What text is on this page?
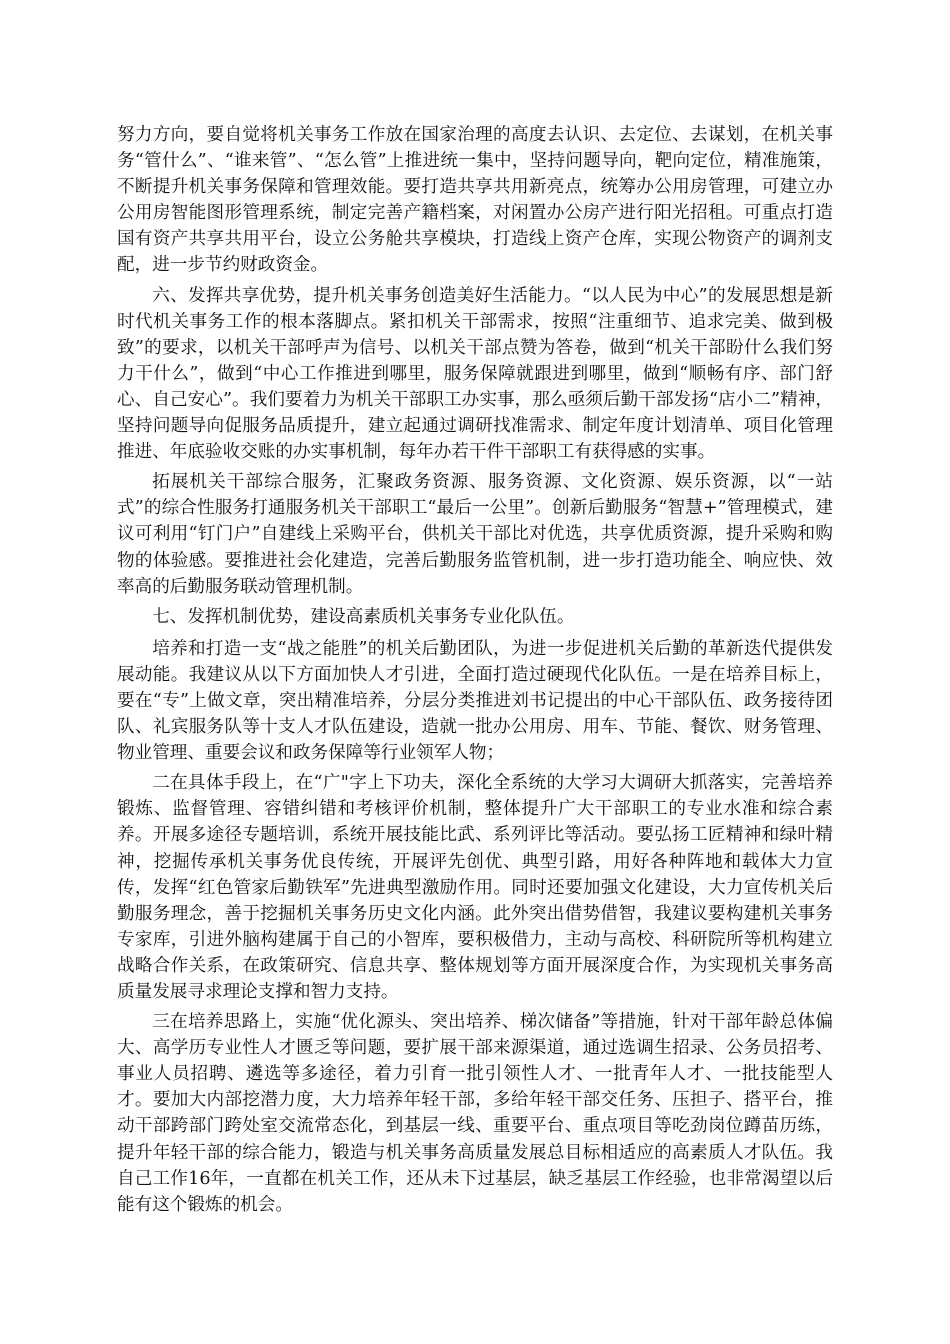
努力方向，要自觉将机关事务工作放在国家治理的高度去认识、去定位、去谋划，在机关事务“管什么”、“谁来管”、“怎么管”上推进统一集中，坚持问题导向，靶向定位，精准施策，不断提升机关事务保障和管理效能。要打造共享共用新亮点，统筹办公用房管理，可建立办公用房智能图形管理系统，制定完善产籍档案，对闲置办公房产进行阳光招租。可重点打造国有资产共享共用平台，设立公务舱共享模块，打造线上资产仓库，实现公物资产的调剂支配，进一步节约财政资金。

六、发挥共享优势，提升机关事务创造美好生活能力。“以人民为中心”的发展思想是新时代机关事务工作的根本落脚点。紧扣机关干部需求，按照“注重细节、追求完美、做到极致”的要求，以机关干部呼声为信号、以机关干部点赞为答卷，做到“机关干部盼什么我们努力干什么”，做到“中心工作推进到哪里，服务保障就跟进到哪里，做到“顺畅有序、部门舒心、自己安心”。我们要着力为机关干部职工办实事，那么亟须后勤干部发扬“店小二”精神，坚持问题导向促服务品质提升，建立起通过调研找准需求、制定年度计划清单、项目化管理推进、年底验收交账的办实事机制，每年办若干件干部职工有获得感的实事。

拓展机关干部综合服务，汇聚政务资源、服务资源、文化资源、娱乐资源，以“一站式”的综合性服务打通服务机关干部职工“最后一公里”。创新后勤服务“智慧+”管理模式，建议可利用“钉门户”自建线上采购平台，供机关干部比对优选，共享优质资源，提升采购和购物的体验感。要推进社会化建造，完善后勤服务监管机制，进一步打造功能全、响应快、效率高的后勤服务联动管理机制。

七、发挥机制优势，建设高素质机关事务专业化队伍。

培养和打造一支“战之能胜”的机关后勤团队，为进一步促进机关后勤的革新迭代提供发展动能。我建议从以下方面加快人才引进，全面打造过硬现代化队伍。一是在培养目标上，要在“专”上做文章，突出精准培养，分层分类推进刘书记提出的中心干部队伍、政务接待团队、礼宾服务队等十支人才队伍建设，造就一批办公用房、用车、节能、餐饮、财务管理、物业管理、重要会议和政务保障等行业领军人物；

二在具体手段上，在“广"字上下功夫，深化全系统的大学习大调研大抓落实，完善培养锻炼、监督管理、容错纠错和考核评价机制，整体提升广大干部职工的专业水准和综合素养。开展多途径专题培训，系统开展技能比武、系列评比等活动。要弘扬工匠精神和绿叶精神，挖掘传承机关事务优良传统，开展评先创优、典型引路，用好各种阵地和载体大力宣传，发挥“红色管家后勤铁军”先进典型激励作用。同时还要加强文化建设，大力宣传机关后勤服务理念，善于挖掘机关事务历史文化内涵。此外突出借势借智，我建议要构建机关事务专家库，引进外脑构建属于自己的小智库，要积极借力，主动与高校、科研院所等机构建立战略合作关系，在政策研究、信息共享、整体规划等方面开展深度合作，为实现机关事务高质量发展寻求理论支撑和智力支持。

三在培养思路上，实施“优化源头、突出培养、梯次储备”等措施，针对干部年龄总体偏大、高学历专业性人才匮乏等问题，要扩展干部来源渠道，通过选调生招录、公务员招考、事业人员招聘、遴选等多途径，着力引育一批引领性人才、一批青年人才、一批技能型人才。要加大内部挖潜力度，大力培养年轻干部，多给年轻干部交任务、压担子、搭平台，推动干部跨部门跨处室交流常态化，到基层一线、重要平台、重点项目等吃劲岗位蹲苗历练，提升年轻干部的综合能力，锻造与机关事务高质量发展总目标相适应的高素质人才队伍。我自己工作16年，一直都在机关工作，还从未下过基层，缺乏基层工作经验，也非常渴望以后能有这个锻炼的机会。
